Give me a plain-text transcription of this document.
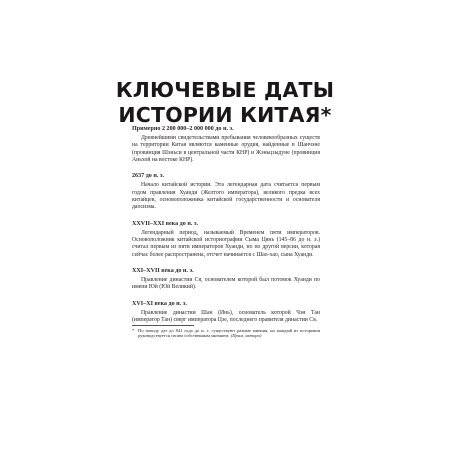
КЛЮЧЕВЫЕ ДАТЫ
ИСТОРИИ КИТАЯ*
Примерно 2 200 000–2 000 000 до н. э.

Древнейшими свидетельствами пребывания человекообразных существ на территории Китая являются каменные орудия, найденные в Шанчэне (провинция Шэньси в центральной части КНР) и Жэньцзыдуне (провинция Аньхой на востоке КНР).

2637 до н. э.

Начало китайской истории. Эта легендарная дата считается первым годом правления Хуанди (Желтого императора), великого предка всех китайцев, основоположника китайской государственности и основателя даосизма.

XXVII–XXI века до н. э.

Легендарный период, называемый Временем пяти императоров. Основоположник китайской историографии Сыма Цянь (145–86 до н. э.) считал первым из пяти императоров Хуанди, но по другой версии, которая сейчас более распространена, отсчет начинается с Шао-хао, сына Хуанди.

XXI–XVII века до н. э.

Правление династии Ся, основателем которой был потомок Хуанди по имени Юй (Юй Великий).

XVI–XI века до н. э.

Правление династии Шан (Инь), основатель которой Чэн Тан (император Тан) сверг императора Цзе, последнего правителя династии Ся.

* По поводу дат до 841 года до н. э. существуют разные мнения, но каждый из историков руководствуется своим собственным мнением. (Прим. автора)
